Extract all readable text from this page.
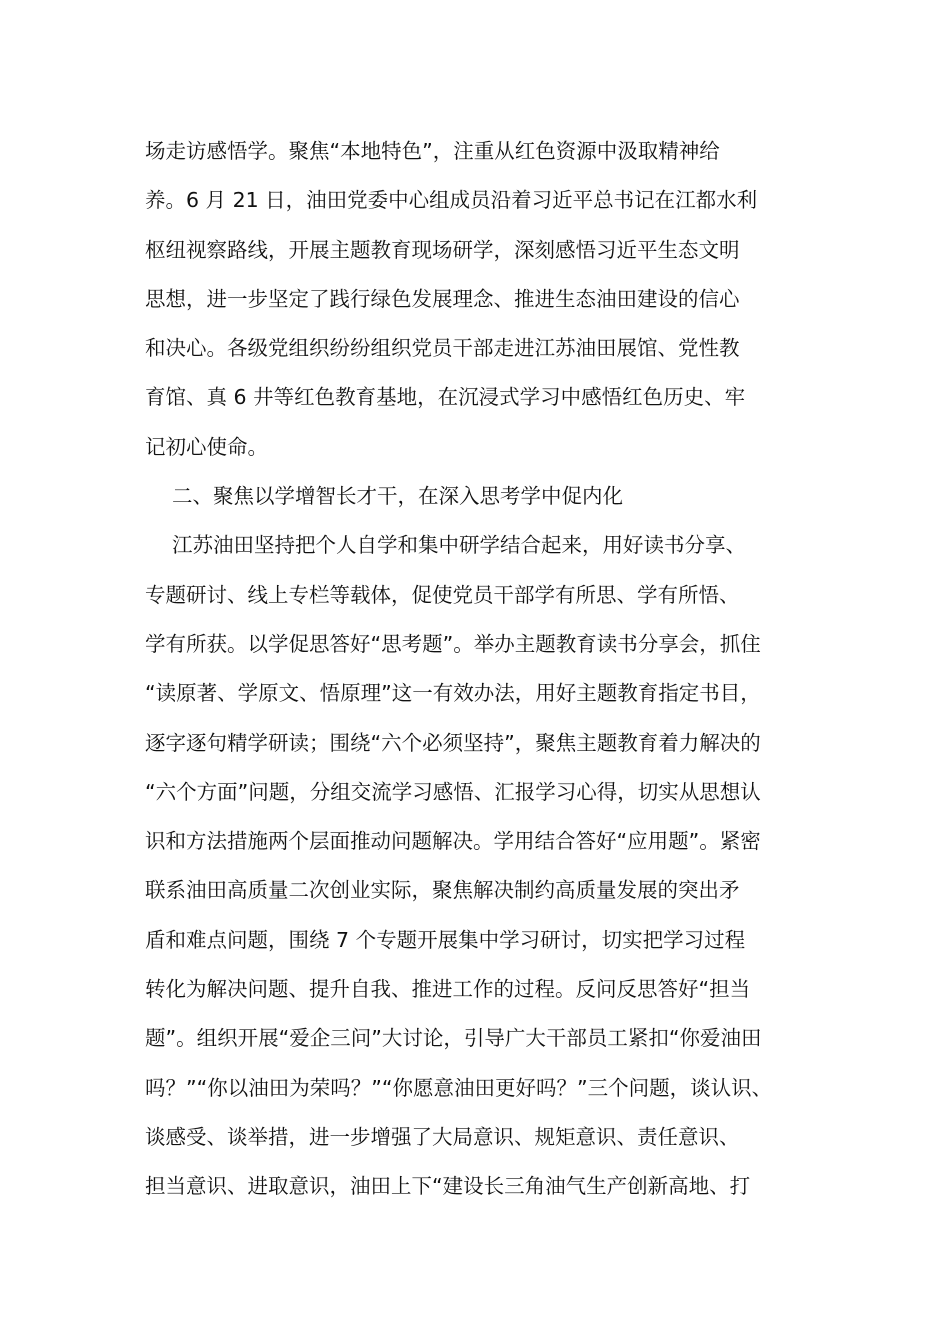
场走访感悟学。聚焦“本地特色”，注重从红色资源中汲取精神给
养。6 月 21 日，油田党委中心组成员沿着习近平总书记在江都水利
枢纽视察路线，开展主题教育现场研学，深刻感悟习近平生态文明
思想，进一步坚定了践行绿色发展理念、推进生态油田建设的信心
和决心。各级党组织纷纷组织党员干部走进江苏油田展馆、党性教
育馆、真 6 井等红色教育基地，在沉浸式学习中感悟红色历史、牢
记初心使命。
二、聚焦以学增智长才干，在深入思考学中促内化
江苏油田坚持把个人自学和集中研学结合起来，用好读书分享、
专题研讨、线上专栏等载体，促使党员干部学有所思、学有所悟、
学有所获。以学促思答好“思考题”。举办主题教育读书分享会，抓住
“读原著、学原文、悟原理”这一有效办法，用好主题教育指定书目，
逐字逐句精学研读；围绕“六个必须坚持”，聚焦主题教育着力解决的
“六个方面”问题，分组交流学习感悟、汇报学习心得，切实从思想认
识和方法措施两个层面推动问题解决。学用结合答好“应用题”。紧密
联系油田高质量二次创业实际，聚焦解决制约高质量发展的突出矛
盾和难点问题，围绕 7 个专题开展集中学习研讨，切实把学习过程
转化为解决问题、提升自我、推进工作的过程。反问反思答好“担当
题”。组织开展“爱企三问”大讨论，引导广大干部员工紧扣“你爱油田
吗？”“你以油田为荣吗？”“你愿意油田更好吗？”三个问题，谈认识、
谈感受、谈举措，进一步增强了大局意识、规矩意识、责任意识、
担当意识、进取意识，油田上下“建设长三角油气生产创新高地、打
